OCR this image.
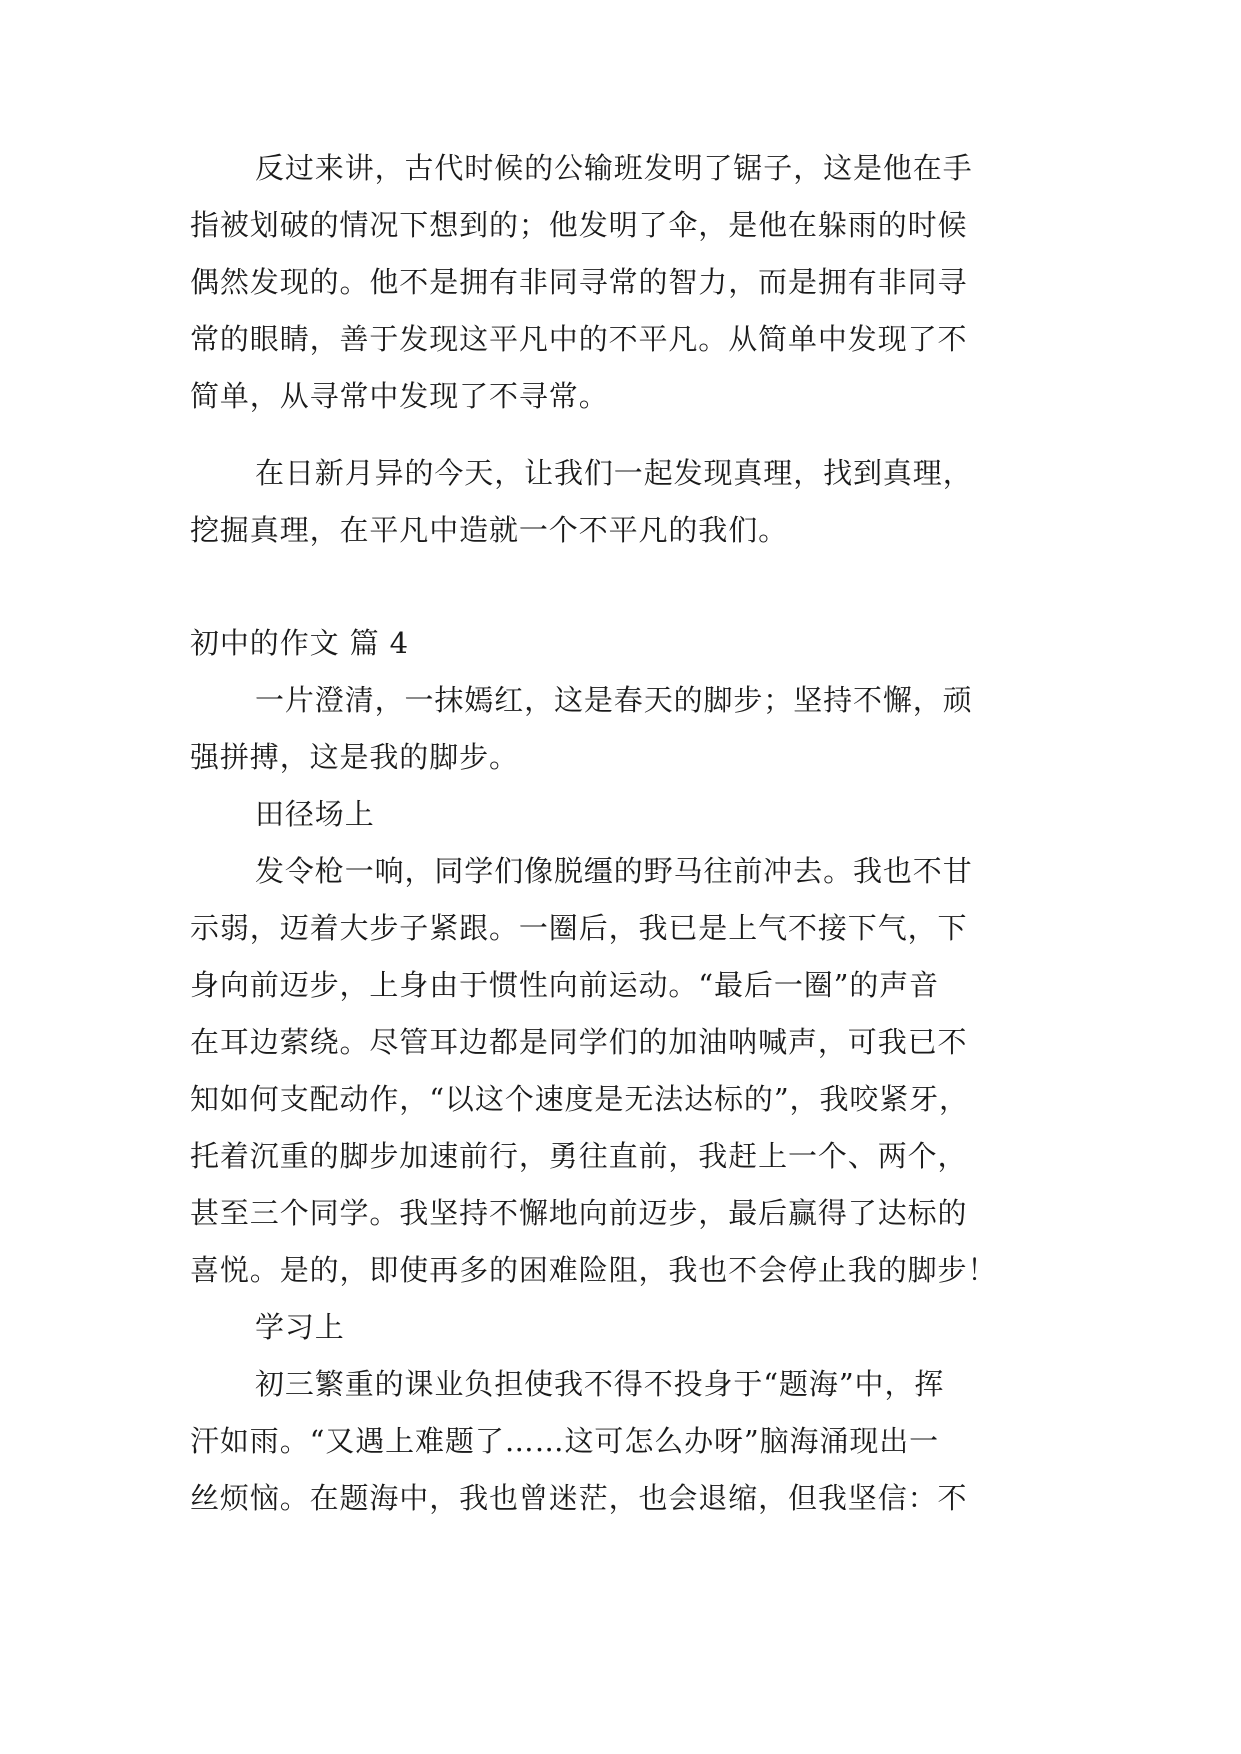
反过来讲，古代时候的公输班发明了锯子，这是他在手
指被划破的情况下想到的；他发明了伞，是他在躲雨的时候
偶然发现的。他不是拥有非同寻常的智力，而是拥有非同寻
常的眼睛，善于发现这平凡中的不平凡。从简单中发现了不
简单，从寻常中发现了不寻常。
在日新月异的今天，让我们一起发现真理，找到真理，
挖掘真理，在平凡中造就一个不平凡的我们。
初中的作文 篇 4
一片澄清，一抹嫣红，这是春天的脚步；坚持不懈，顽
强拼搏，这是我的脚步。
田径场上
发令枪一响，同学们像脱缰的野马往前冲去。我也不甘
示弱，迈着大步子紧跟。一圈后，我已是上气不接下气，下
身向前迈步，上身由于惯性向前运动。“最后一圈”的声音
在耳边萦绕。尽管耳边都是同学们的加油呐喊声，可我已不
知如何支配动作，“以这个速度是无法达标的”，我咬紧牙，
托着沉重的脚步加速前行，勇往直前，我赶上一个、两个，
甚至三个同学。我坚持不懈地向前迈步，最后赢得了达标的
喜悦。是的，即使再多的困难险阻，我也不会停止我的脚步！
学习上
初三繁重的课业负担使我不得不投身于“题海”中，挥
汗如雨。“又遇上难题了……这可怎么办呀”脑海涌现出一
丝烦恼。在题海中，我也曾迷茫，也会退缩，但我坚信：不
